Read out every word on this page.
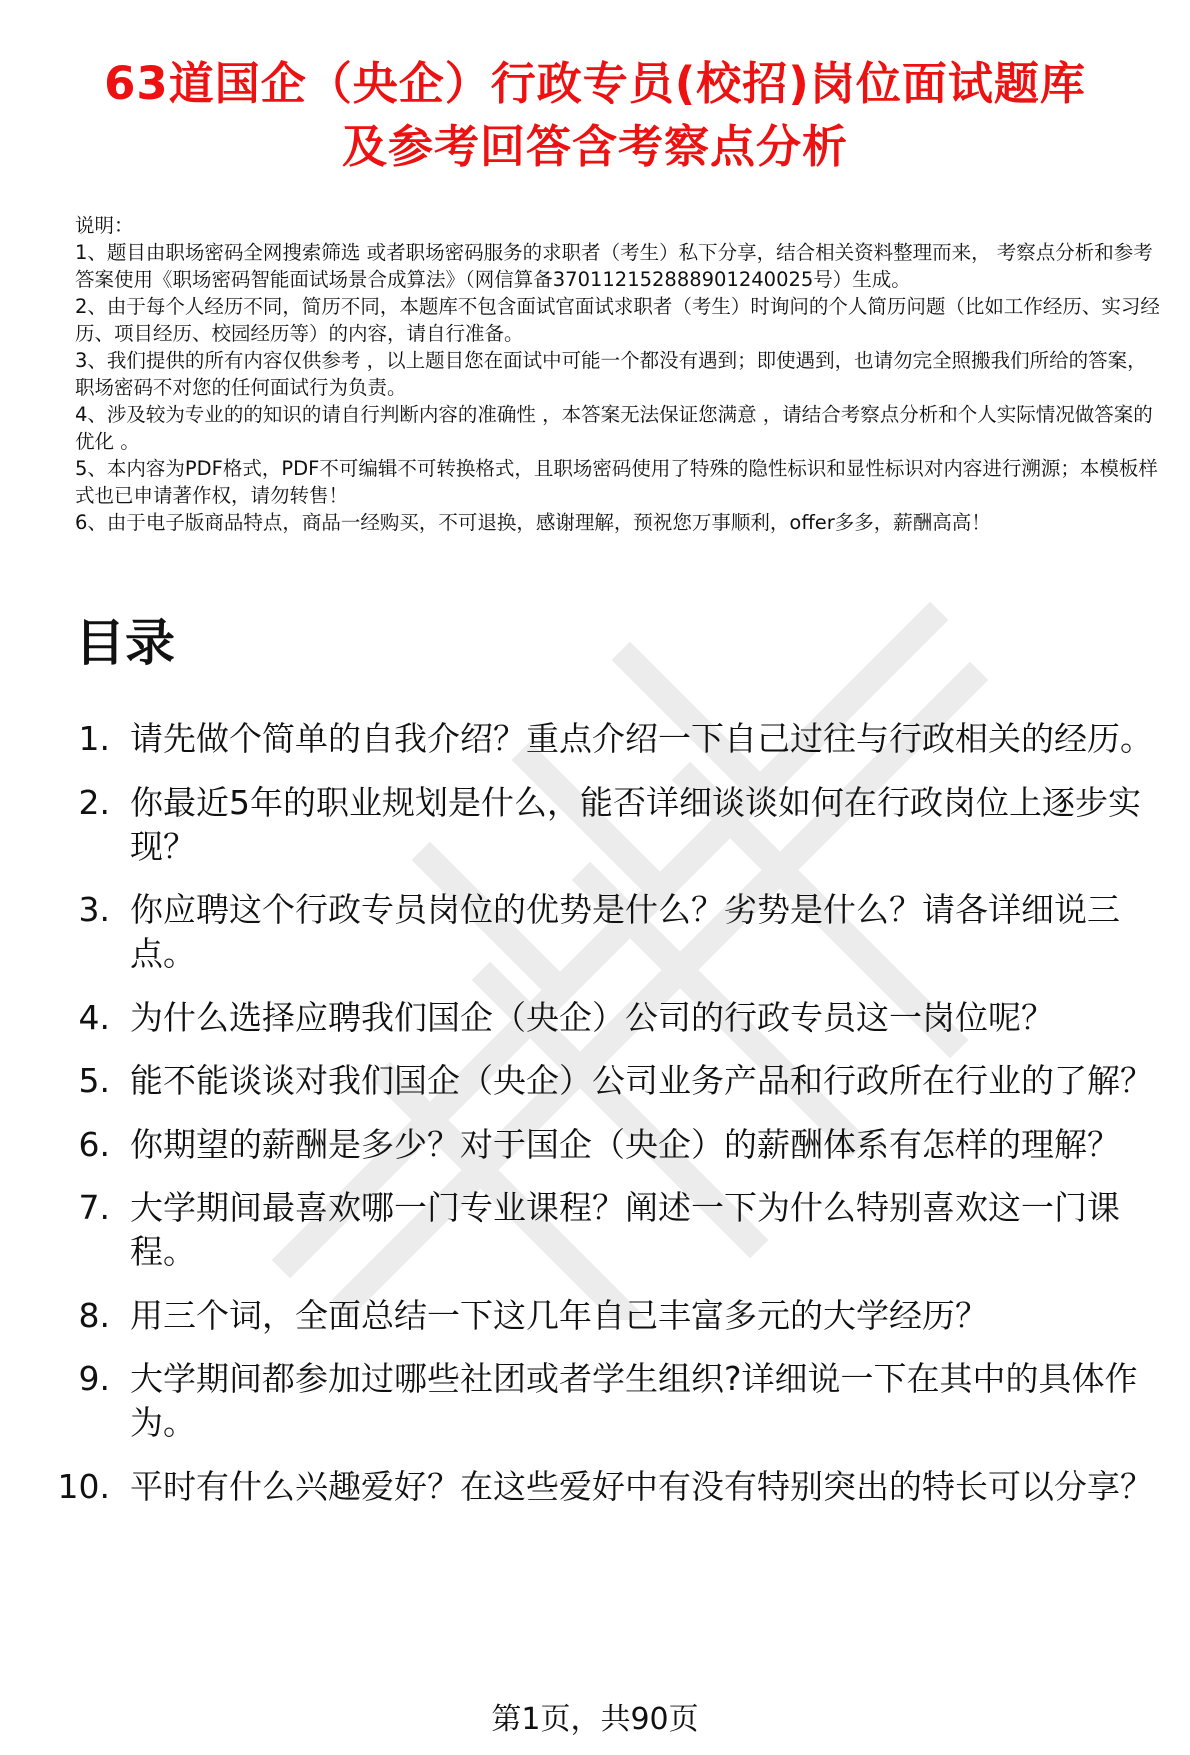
63道国企（央企）行政专员(校招)岗位面试题库
及参考回答含考察点分析

说明：

1、题目由职场密码全网搜索筛选 或者职场密码服务的求职者（考生）私下分享，结合相关资料整理而来， 考察点分析和参考答案使用《职场密码智能面试场景合成算法》（网信算备370112152888901240025号）生成。

2、由于每个人经历不同，简历不同，本题库不包含面试官面试求职者（考生）时询问的个人简历问题（比如工作经历、实习经历、项目经历、校园经历等）的内容，请自行准备。

3、我们提供的所有内容仅供参考 ，以上题目您在面试中可能一个都没有遇到；即使遇到，也请勿完全照搬我们所给的答案，职场密码不对您的任何面试行为负责。

4、涉及较为专业的的知识的请自行判断内容的准确性 ，本答案无法保证您满意 ，请结合考察点分析和个人实际情况做答案的优化 。

5、本内容为PDF格式，PDF不可编辑不可转换格式，且职场密码使用了特殊的隐性标识和显性标识对内容进行溯源；本模板样式也已申请著作权，请勿转售！

6、由于电子版商品特点，商品一经购买，不可退换，感谢理解，预祝您万事顺利，offer多多，薪酬高高！

目录
1. 请先做个简单的自我介绍？重点介绍一下自己过往与行政相关的经历。
2. 你最近5年的职业规划是什么，能否详细谈谈如何在行政岗位上逐步实现？
3. 你应聘这个行政专员岗位的优势是什么？劣势是什么？请各详细说三点。
4. 为什么选择应聘我们国企（央企）公司的行政专员这一岗位呢？
5. 能不能谈谈对我们国企（央企）公司业务产品和行政所在行业的了解？
6. 你期望的薪酬是多少？对于国企（央企）的薪酬体系有怎样的理解？
7. 大学期间最喜欢哪一门专业课程？阐述一下为什么特别喜欢这一门课程。
8. 用三个词，全面总结一下这几年自己丰富多元的大学经历？
9. 大学期间都参加过哪些社团或者学生组织?详细说一下在其中的具体作为。
10. 平时有什么兴趣爱好？在这些爱好中有没有特别突出的特长可以分享？
第1页，共90页
